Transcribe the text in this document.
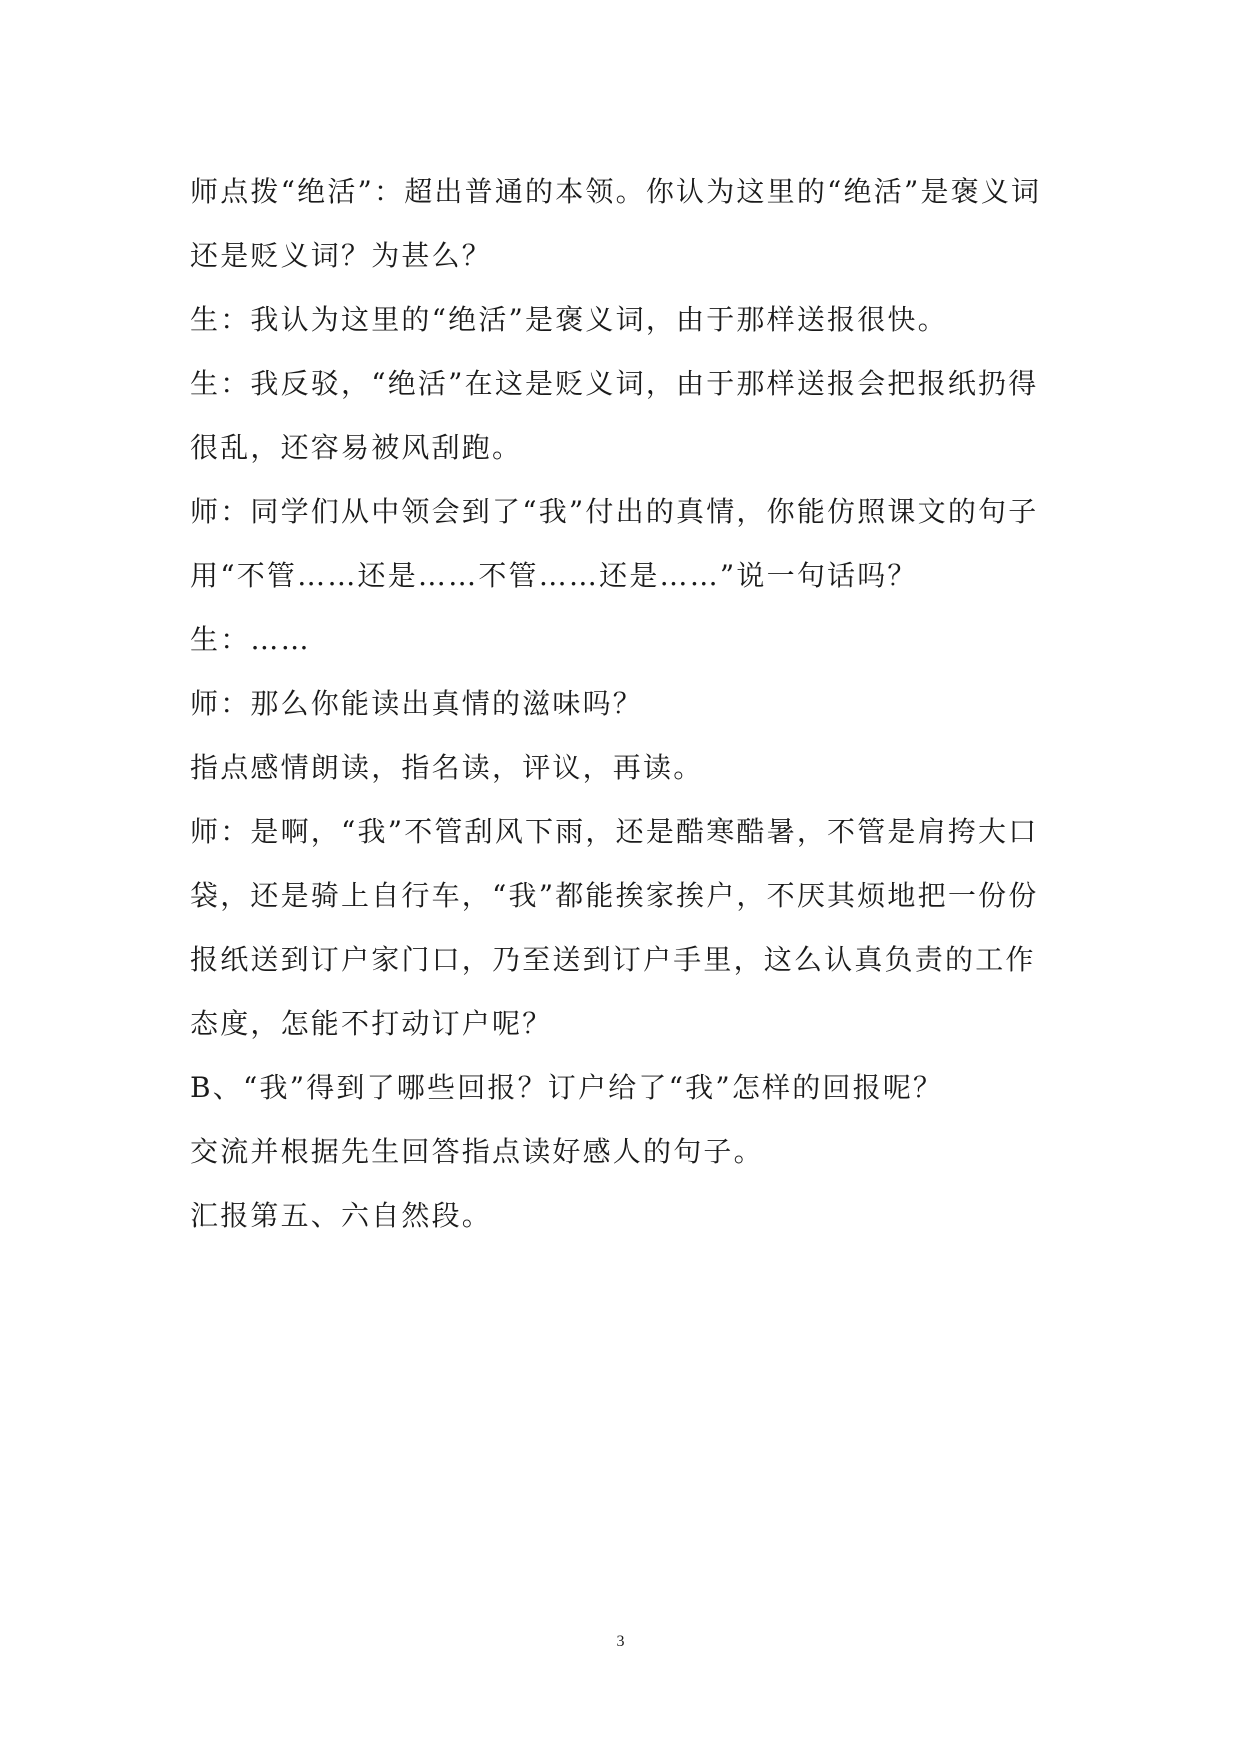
师点拨“绝活”：超出普通的本领。你认为这里的“绝活”是褒义词还是贬义词？为甚么？

生：我认为这里的“绝活”是褒义词，由于那样送报很快。

生：我反驳，“绝活”在这是贬义词，由于那样送报会把报纸扔得很乱，还容易被风刮跑。

师：同学们从中领会到了“我”付出的真情，你能仿照课文的句子用“不管……还是……不管……还是……”说一句话吗？

生：……

师：那么你能读出真情的滋味吗？

指点感情朗读，指名读，评议，再读。

师：是啊，“我”不管刮风下雨，还是酷寒酷暑，不管是肩挎大口袋，还是骑上自行车，“我”都能挨家挨户，不厌其烦地把一份份报纸送到订户家门口，乃至送到订户手里，这么认真负责的工作态度，怎能不打动订户呢？

B、“我”得到了哪些回报？订户给了“我”怎样的回报呢？

交流并根据先生回答指点读好感人的句子。

汇报第五、六自然段。

3
